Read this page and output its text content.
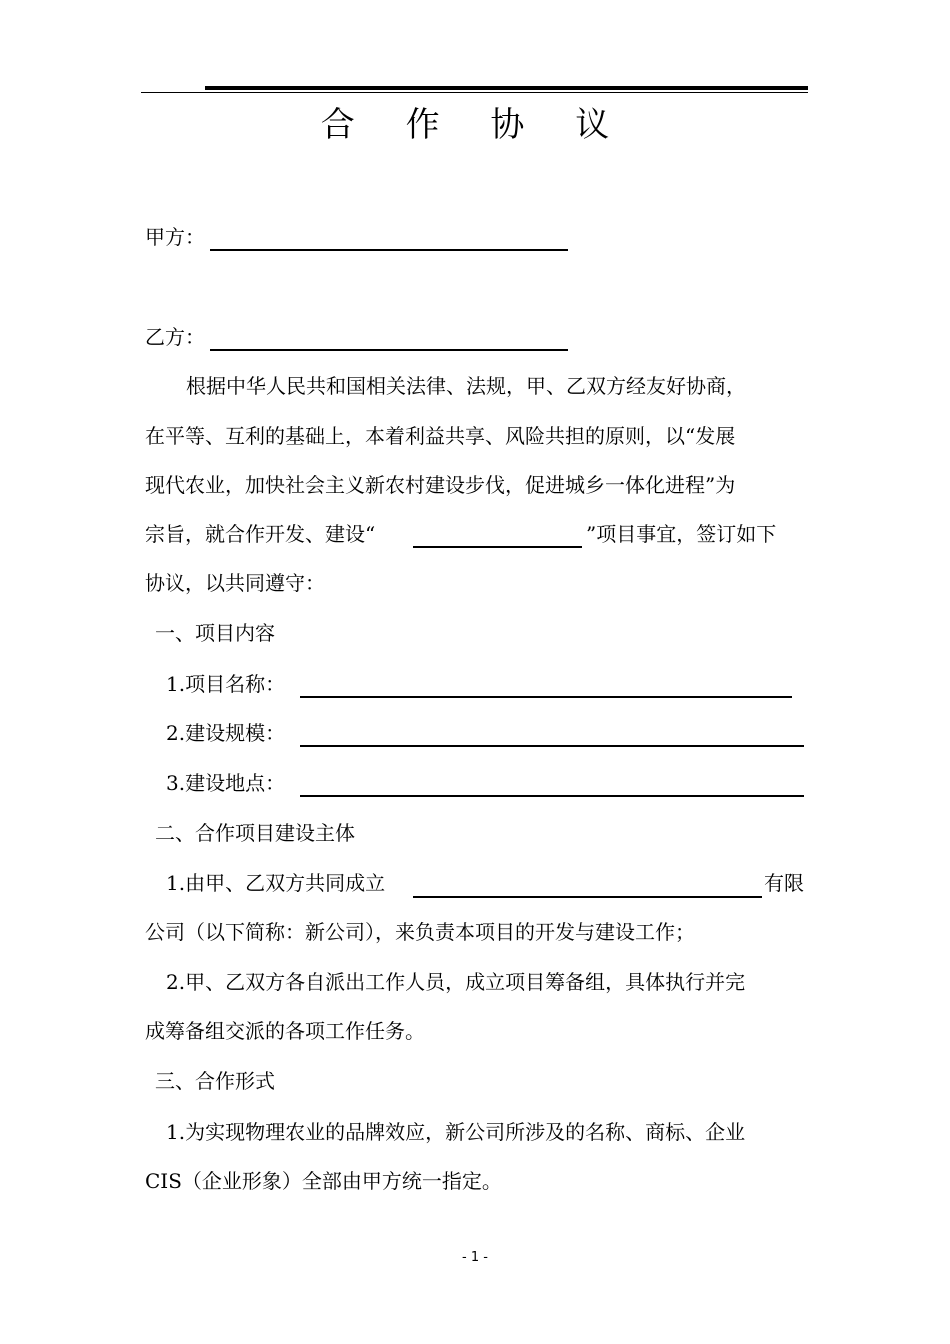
合 作 协 议
甲方：
乙方：
根据中华人民共和国相关法律、法规，甲、乙双方经友好协商，
在平等、互利的基础上，本着利益共享、风险共担的原则，以“发展
现代农业，加快社会主义新农村建设步伐，促进城乡一体化进程”为
宗旨，就合作开发、建设“	”项目事宜，签订如下
协议，以共同遵守：
一、项目内容
1.项目名称：
2.建设规模：
3.建设地点：
二、合作项目建设主体
1.由甲、乙双方共同成立	有限
公司（以下简称：新公司），来负责本项目的开发与建设工作；
2.甲、乙双方各自派出工作人员，成立项目筹备组，具体执行并完
成筹备组交派的各项工作任务。
三、合作形式
1.为实现物理农业的品牌效应，新公司所涉及的名称、商标、企业
CIS（企业形象）全部由甲方统一指定。
- 1 -
